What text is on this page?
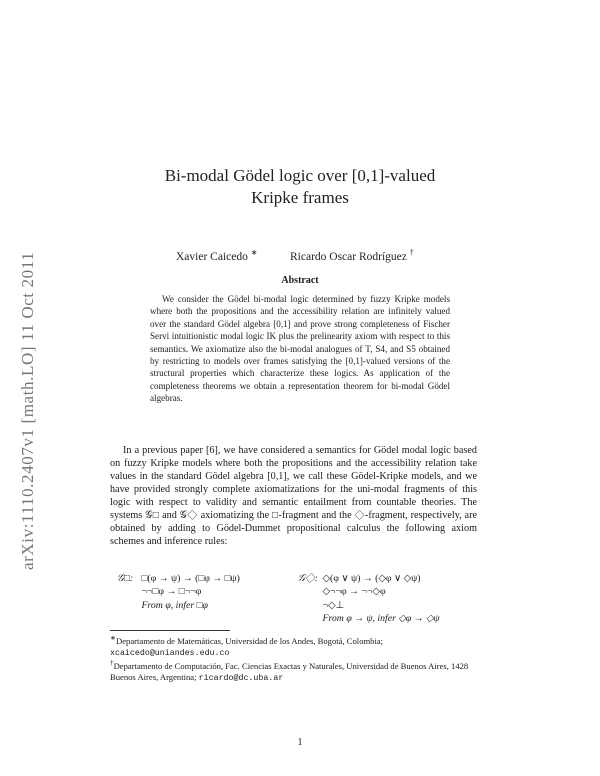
arXiv:1110.2407v1 [math.LO] 11 Oct 2011
Bi-modal Gödel logic over [0,1]-valued
Kripke frames
Xavier Caicedo ∗	Ricardo Oscar Rodríguez †
Abstract

We consider the Gödel bi-modal logic determined by fuzzy Kripke models where both the propositions and the accessibility relation are infinitely valued over the standard Gödel algebra [0,1] and prove strong completeness of Fischer Servi intuitionistic modal logic IK plus the prelinearity axiom with respect to this semantics. We axiomatize also the bi-modal analogues of T, S4, and S5 obtained by restricting to models over frames satisfying the [0,1]-valued versions of the structural properties which characterize these logics. As application of the completeness theorems we obtain a representation theorem for bi-modal Gödel algebras.

In a previous paper [6], we have considered a semantics for Gödel modal logic based on fuzzy Kripke models where both the propositions and the accessibility relation take values in the standard Gödel algebra [0,1], we call these Gödel-Kripke models, and we have provided strongly complete axiomatizations for the uni-modal fragments of this logic with respect to validity and semantic entailment from countable theories. The systems 𝒢□ and 𝒢◇ axiomatizing the □-fragment and the ◇-fragment, respectively, are obtained by adding to Gödel-Dummet propositional calculus the following axiom schemes and inference rules:

𝒢□: □(φ → ψ) → (□φ → □ψ)
¬¬□φ → □¬¬φ
From φ, infer □φ
𝒢◇: ◇(φ ∨ ψ) → (◇φ ∨ ◇ψ)
◇¬¬φ → ¬¬◇φ
¬◇⊥
From φ → ψ, infer ◇φ → ◇ψ

∗Departamento de Matemáticas, Universidad de los Andes, Bogotá, Colombia;
xcaicedo@uniandes.edu.co

†Departamento de Computación, Fac. Ciencias Exactas y Naturales, Universidad de Buenos Aires, 1428 Buenos Aires, Argentina; ricardo@dc.uba.ar

1
